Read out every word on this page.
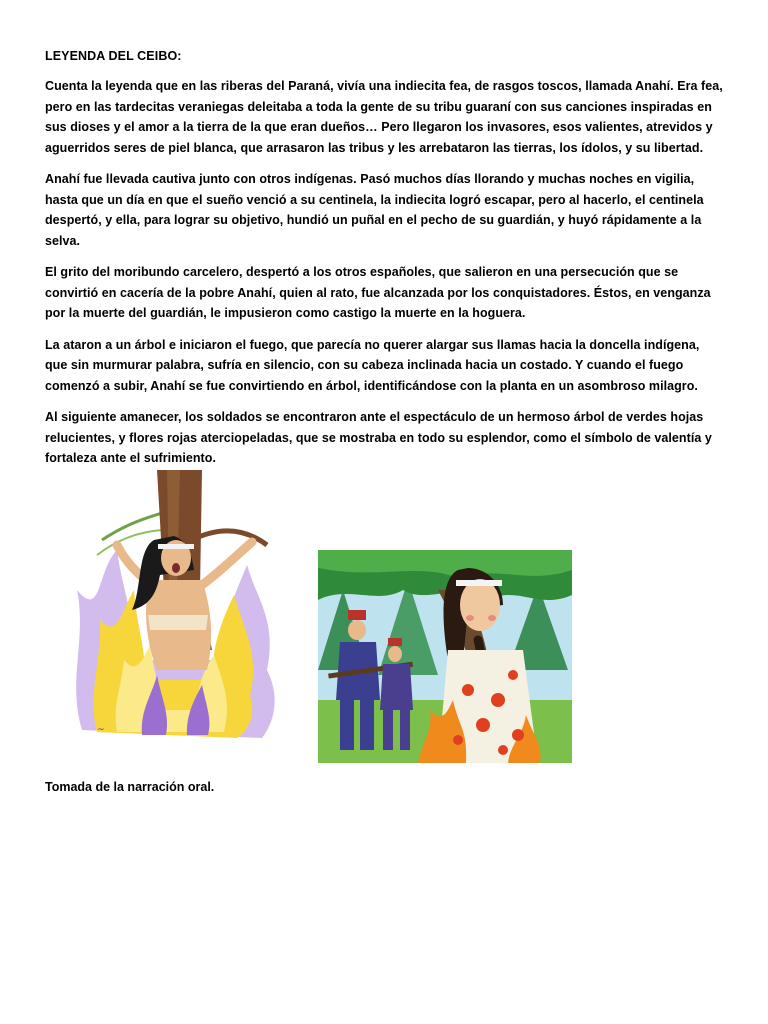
LEYENDA DEL CEIBO:

Cuenta la leyenda que en las riberas del Paraná, vivía una indiecita fea, de rasgos toscos, llamada Anahí. Era fea, pero en las tardecitas veraniegas deleitaba a toda la gente de su tribu guaraní con sus canciones inspiradas en sus dioses y el amor a la tierra de la que eran dueños… Pero llegaron los invasores, esos valientes, atrevidos y aguerridos seres de piel blanca, que arrasaron las tribus y les arrebataron las tierras, los ídolos, y su libertad.

Anahí fue llevada cautiva junto con otros indígenas. Pasó muchos días llorando y muchas noches en vigilia, hasta que un día en que el sueño venció a su centinela, la indiecita logró escapar, pero al hacerlo, el centinela despertó, y ella, para lograr su objetivo, hundió un puñal en el pecho de su guardián, y huyó rápidamente a la selva.

El grito del moribundo carcelero, despertó a los otros españoles, que salieron en una persecución que se convirtió en cacería de la pobre Anahí, quien al rato, fue alcanzada por los conquistadores. Éstos, en venganza por la muerte del guardián, le impusieron como castigo la muerte en la hoguera.

La ataron a un árbol e iniciaron el fuego, que parecía no querer alargar sus llamas hacia la doncella indígena, que sin murmurar palabra, sufría en silencio, con su cabeza inclinada hacia un costado. Y cuando el fuego comenzó a subir, Anahí se fue convirtiendo en árbol, identificándose con la planta en un asombroso milagro.

Al siguiente amanecer, los soldados se encontraron ante el espectáculo de un hermoso árbol de verdes hojas relucientes, y flores rojas aterciopeladas, que se mostraba en todo su esplendor, como el símbolo de valentía y fortaleza ante el sufrimiento.

~
Tomada de la narración oral.
